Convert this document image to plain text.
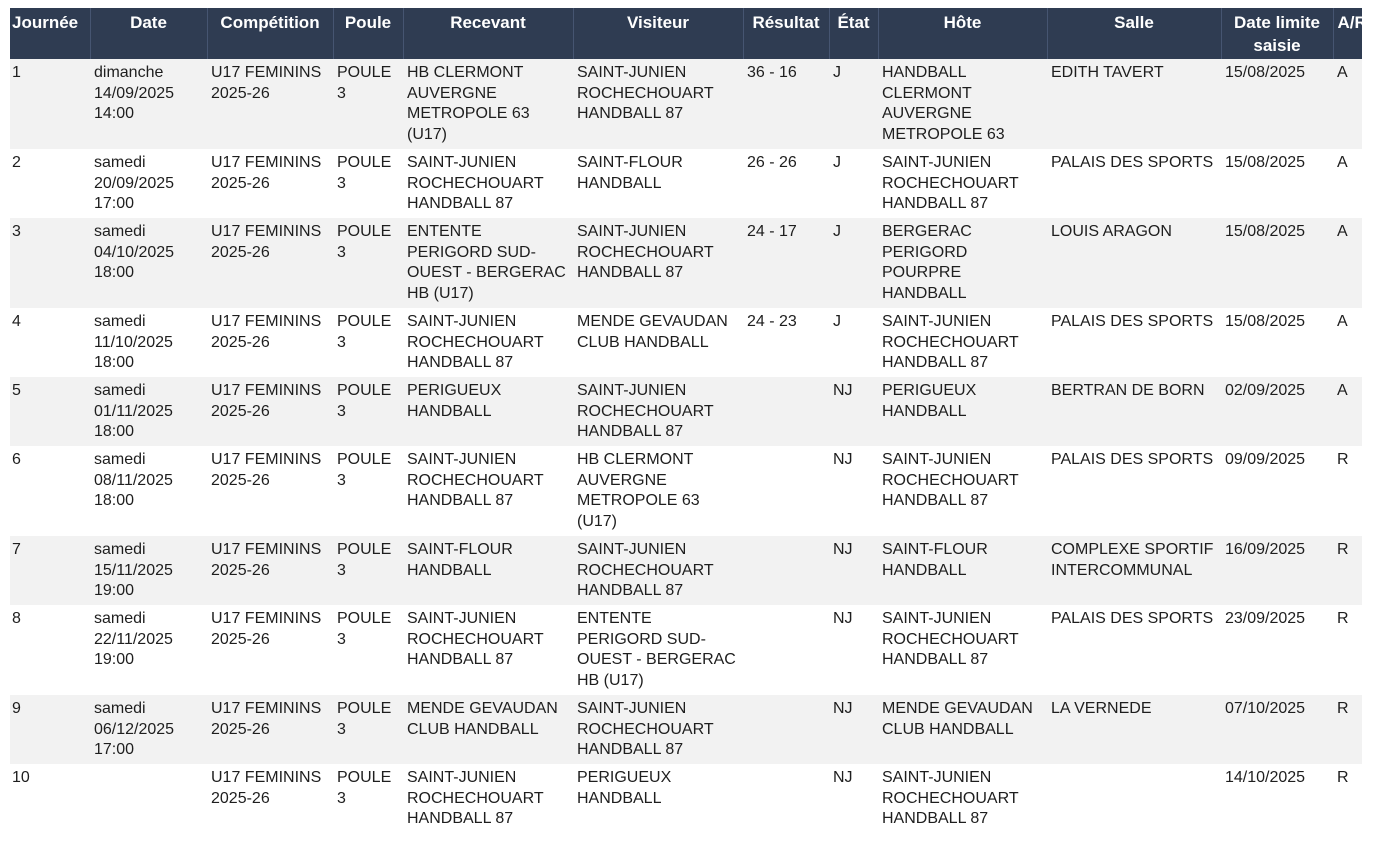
Journée	Date	Compétition	Poule	Recevant	Visiteur	Résultat	État	Hôte	Salle	Date limite saisie	A/R
1	dimanche 14/09/2025 14:00	U17 FEMININS 2025-26	POULE 3	HB CLERMONT AUVERGNE METROPOLE 63 (U17)	SAINT-JUNIEN ROCHECHOUART HANDBALL 87	36 - 16	J	HANDBALL CLERMONT AUVERGNE METROPOLE 63	EDITH TAVERT	15/08/2025	A
2	samedi 20/09/2025 17:00	U17 FEMININS 2025-26	POULE 3	SAINT-JUNIEN ROCHECHOUART HANDBALL 87	SAINT-FLOUR HANDBALL	26 - 26	J	SAINT-JUNIEN ROCHECHOUART HANDBALL 87	PALAIS DES SPORTS	15/08/2025	A
3	samedi 04/10/2025 18:00	U17 FEMININS 2025-26	POULE 3	ENTENTE PERIGORD SUD-OUEST - BERGERAC HB (U17)	SAINT-JUNIEN ROCHECHOUART HANDBALL 87	24 - 17	J	BERGERAC PERIGORD POURPRE HANDBALL	LOUIS ARAGON	15/08/2025	A
4	samedi 11/10/2025 18:00	U17 FEMININS 2025-26	POULE 3	SAINT-JUNIEN ROCHECHOUART HANDBALL 87	MENDE GEVAUDAN CLUB HANDBALL	24 - 23	J	SAINT-JUNIEN ROCHECHOUART HANDBALL 87	PALAIS DES SPORTS	15/08/2025	A
5	samedi 01/11/2025 18:00	U17 FEMININS 2025-26	POULE 3	PERIGUEUX HANDBALL	SAINT-JUNIEN ROCHECHOUART HANDBALL 87		NJ	PERIGUEUX HANDBALL	BERTRAN DE BORN	02/09/2025	A
6	samedi 08/11/2025 18:00	U17 FEMININS 2025-26	POULE 3	SAINT-JUNIEN ROCHECHOUART HANDBALL 87	HB CLERMONT AUVERGNE METROPOLE 63 (U17)		NJ	SAINT-JUNIEN ROCHECHOUART HANDBALL 87	PALAIS DES SPORTS	09/09/2025	R
7	samedi 15/11/2025 19:00	U17 FEMININS 2025-26	POULE 3	SAINT-FLOUR HANDBALL	SAINT-JUNIEN ROCHECHOUART HANDBALL 87		NJ	SAINT-FLOUR HANDBALL	COMPLEXE SPORTIF INTERCOMMUNAL	16/09/2025	R
8	samedi 22/11/2025 19:00	U17 FEMININS 2025-26	POULE 3	SAINT-JUNIEN ROCHECHOUART HANDBALL 87	ENTENTE PERIGORD SUD-OUEST - BERGERAC HB (U17)		NJ	SAINT-JUNIEN ROCHECHOUART HANDBALL 87	PALAIS DES SPORTS	23/09/2025	R
9	samedi 06/12/2025 17:00	U17 FEMININS 2025-26	POULE 3	MENDE GEVAUDAN CLUB HANDBALL	SAINT-JUNIEN ROCHECHOUART HANDBALL 87		NJ	MENDE GEVAUDAN CLUB HANDBALL	LA VERNEDE	07/10/2025	R
10		U17 FEMININS 2025-26	POULE 3	SAINT-JUNIEN ROCHECHOUART HANDBALL 87	PERIGUEUX HANDBALL		NJ	SAINT-JUNIEN ROCHECHOUART HANDBALL 87		14/10/2025	R
